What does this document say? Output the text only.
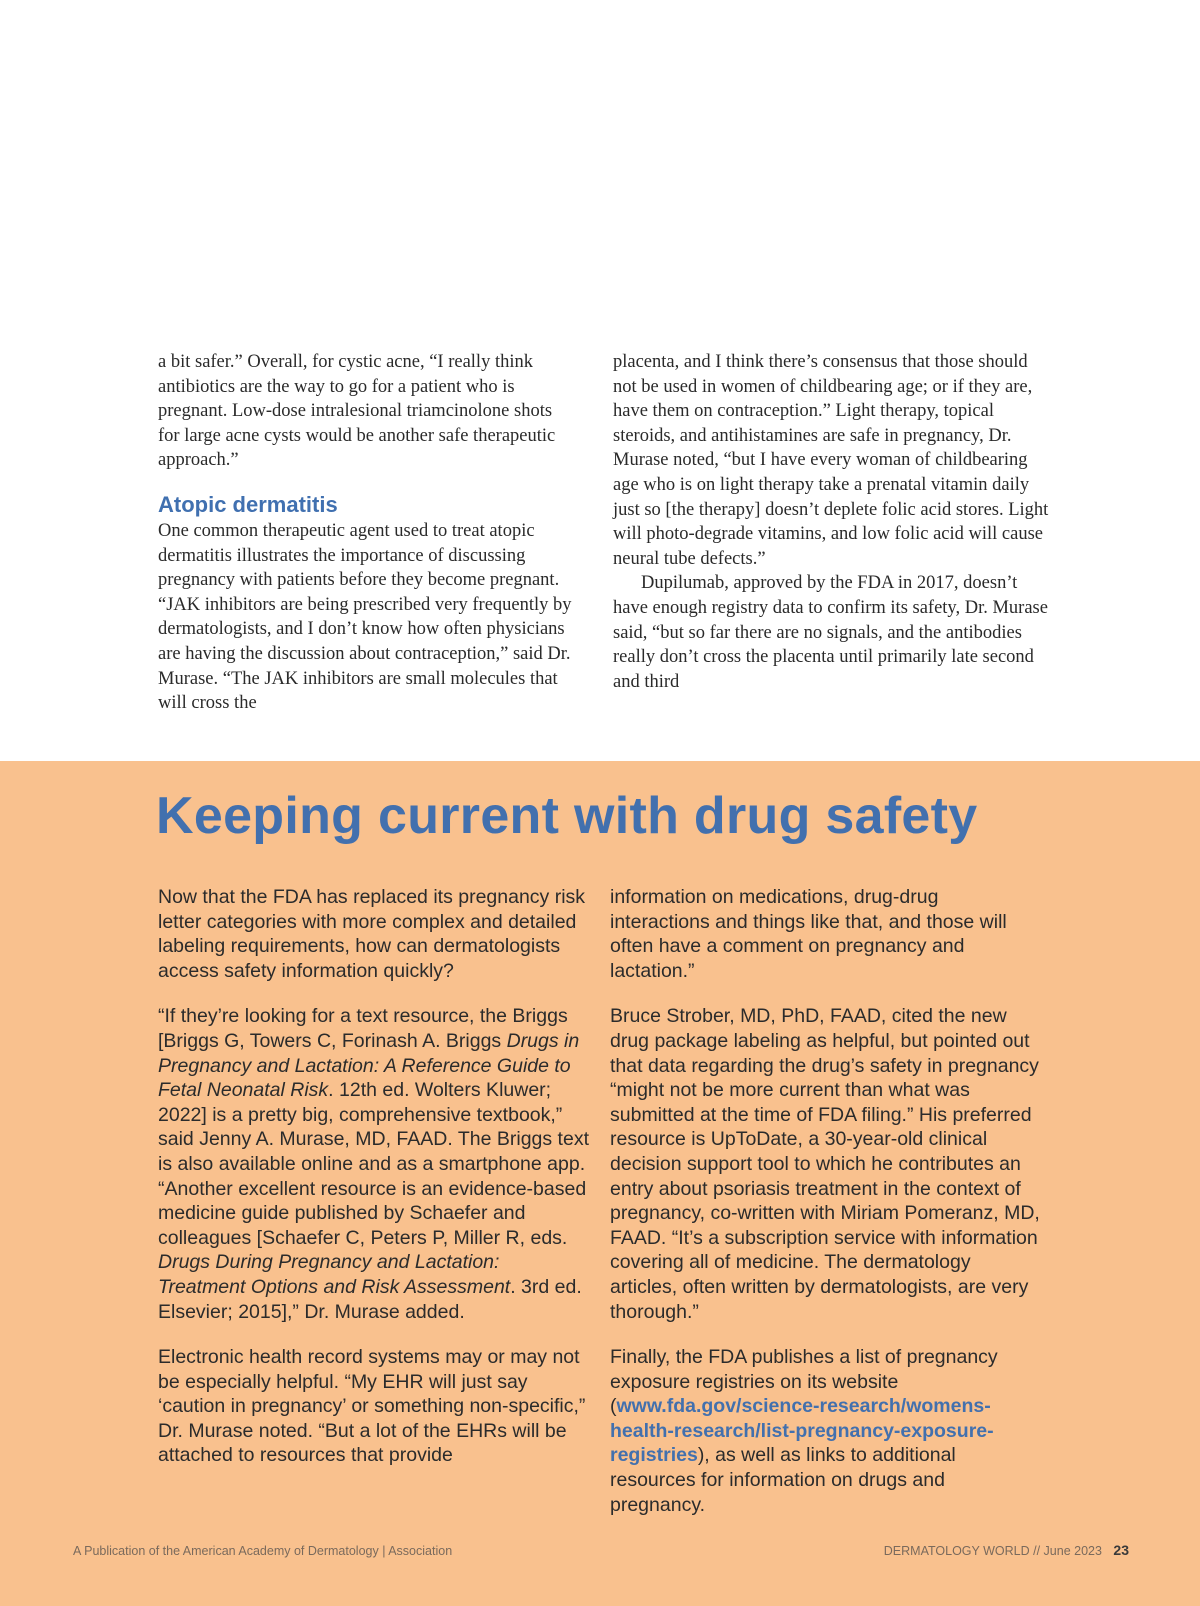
a bit safer.” Overall, for cystic acne, “I really think antibiotics are the way to go for a patient who is pregnant. Low-dose intralesional triamcinolone shots for large acne cysts would be another safe therapeutic approach.”

Atopic dermatitis

One common therapeutic agent used to treat atopic dermatitis illustrates the importance of discussing pregnancy with patients before they become pregnant. “JAK inhibitors are being prescribed very frequently by dermatologists, and I don’t know how often physicians are having the discussion about contraception,” said Dr. Murase. “The JAK inhibitors are small molecules that will cross the

placenta, and I think there’s consensus that those should not be used in women of childbearing age; or if they are, have them on contraception.” Light therapy, topical steroids, and antihistamines are safe in pregnancy, Dr. Murase noted, “but I have every woman of childbearing age who is on light therapy take a prenatal vitamin daily just so [the therapy] doesn’t deplete folic acid stores. Light will photo-degrade vitamins, and low folic acid will cause neural tube defects.”

Dupilumab, approved by the FDA in 2017, doesn’t have enough registry data to confirm its safety, Dr. Murase said, “but so far there are no signals, and the antibodies really don’t cross the placenta until primarily late second and third

Keeping current with drug safety

Now that the FDA has replaced its pregnancy risk letter categories with more complex and detailed labeling requirements, how can dermatologists access safety information quickly?

“If they’re looking for a text resource, the Briggs [Briggs G, Towers C, Forinash A. Briggs Drugs in Pregnancy and Lactation: A Reference Guide to Fetal Neonatal Risk. 12th ed. Wolters Kluwer; 2022] is a pretty big, comprehensive textbook,” said Jenny A. Murase, MD, FAAD. The Briggs text is also available online and as a smartphone app. “Another excellent resource is an evidence-based medicine guide published by Schaefer and colleagues [Schaefer C, Peters P, Miller R, eds. Drugs During Pregnancy and Lactation: Treatment Options and Risk Assessment. 3rd ed. Elsevier; 2015],” Dr. Murase added.

Electronic health record systems may or may not be especially helpful. “My EHR will just say ‘caution in pregnancy’ or something non-specific,” Dr. Murase noted. “But a lot of the EHRs will be attached to resources that provide

information on medications, drug-drug interactions and things like that, and those will often have a comment on pregnancy and lactation.”

Bruce Strober, MD, PhD, FAAD, cited the new drug package labeling as helpful, but pointed out that data regarding the drug’s safety in pregnancy “might not be more current than what was submitted at the time of FDA filing.” His preferred resource is UpToDate, a 30-year-old clinical decision support tool to which he contributes an entry about psoriasis treatment in the context of pregnancy, co-written with Miriam Pomeranz, MD, FAAD. “It’s a subscription service with information covering all of medicine. The dermatology articles, often written by dermatologists, are very thorough.”

Finally, the FDA publishes a list of pregnancy exposure registries on its website (www.fda.gov/science-research/womens-health-research/list-pregnancy-exposure-registries), as well as links to additional resources for information on drugs and pregnancy.

A Publication of the American Academy of Dermatology | Association	DERMATOLOGY WORLD // June 2023 23
